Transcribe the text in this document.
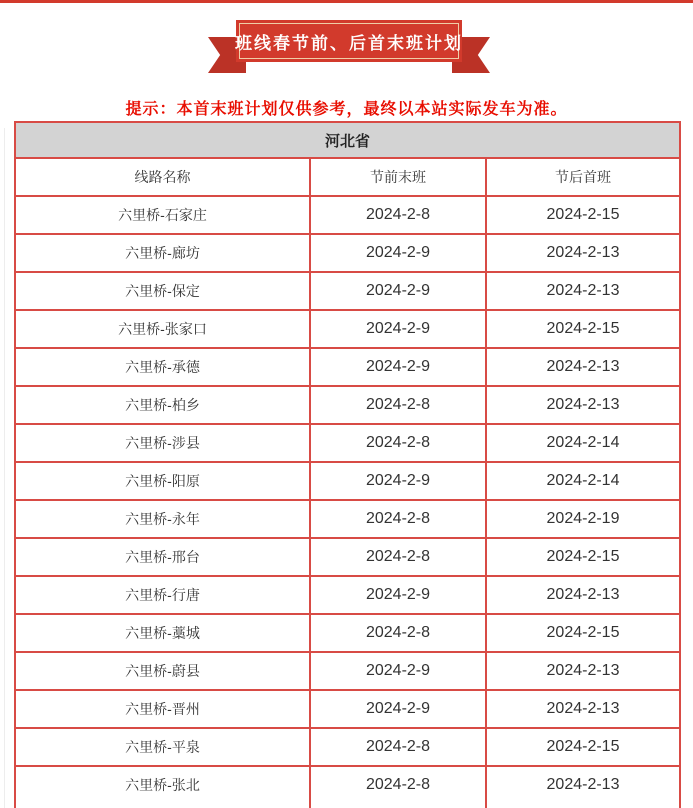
班线春节前、后首末班计划
提示：本首末班计划仅供参考，最终以本站实际发车为准。
河北省
线路名称	节前末班	节后首班
六里桥-石家庄	2024-2-8	2024-2-15
六里桥-廊坊	2024-2-9	2024-2-13
六里桥-保定	2024-2-9	2024-2-13
六里桥-张家口	2024-2-9	2024-2-15
六里桥-承德	2024-2-9	2024-2-13
六里桥-柏乡	2024-2-8	2024-2-13
六里桥-涉县	2024-2-8	2024-2-14
六里桥-阳原	2024-2-9	2024-2-14
六里桥-永年	2024-2-8	2024-2-19
六里桥-邢台	2024-2-8	2024-2-15
六里桥-行唐	2024-2-9	2024-2-13
六里桥-藁城	2024-2-8	2024-2-15
六里桥-蔚县	2024-2-9	2024-2-13
六里桥-晋州	2024-2-9	2024-2-13
六里桥-平泉	2024-2-8	2024-2-15
六里桥-张北	2024-2-8	2024-2-13
